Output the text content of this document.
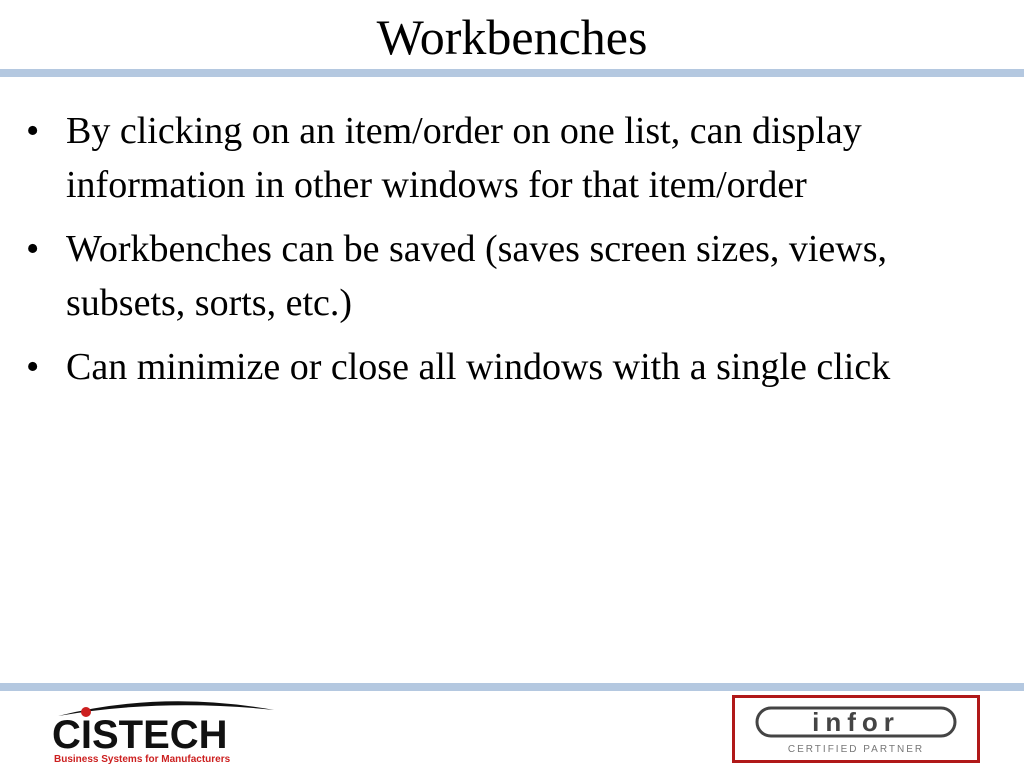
Workbenches
• By clicking on an item/order on one list, can display information in other windows for that item/order
• Workbenches can be saved (saves screen sizes, views, subsets, sorts, etc.)
• Can minimize or close all windows with a single click
CISTECH
Business Systems for Manufacturers
infor
CERTIFIED PARTNER
